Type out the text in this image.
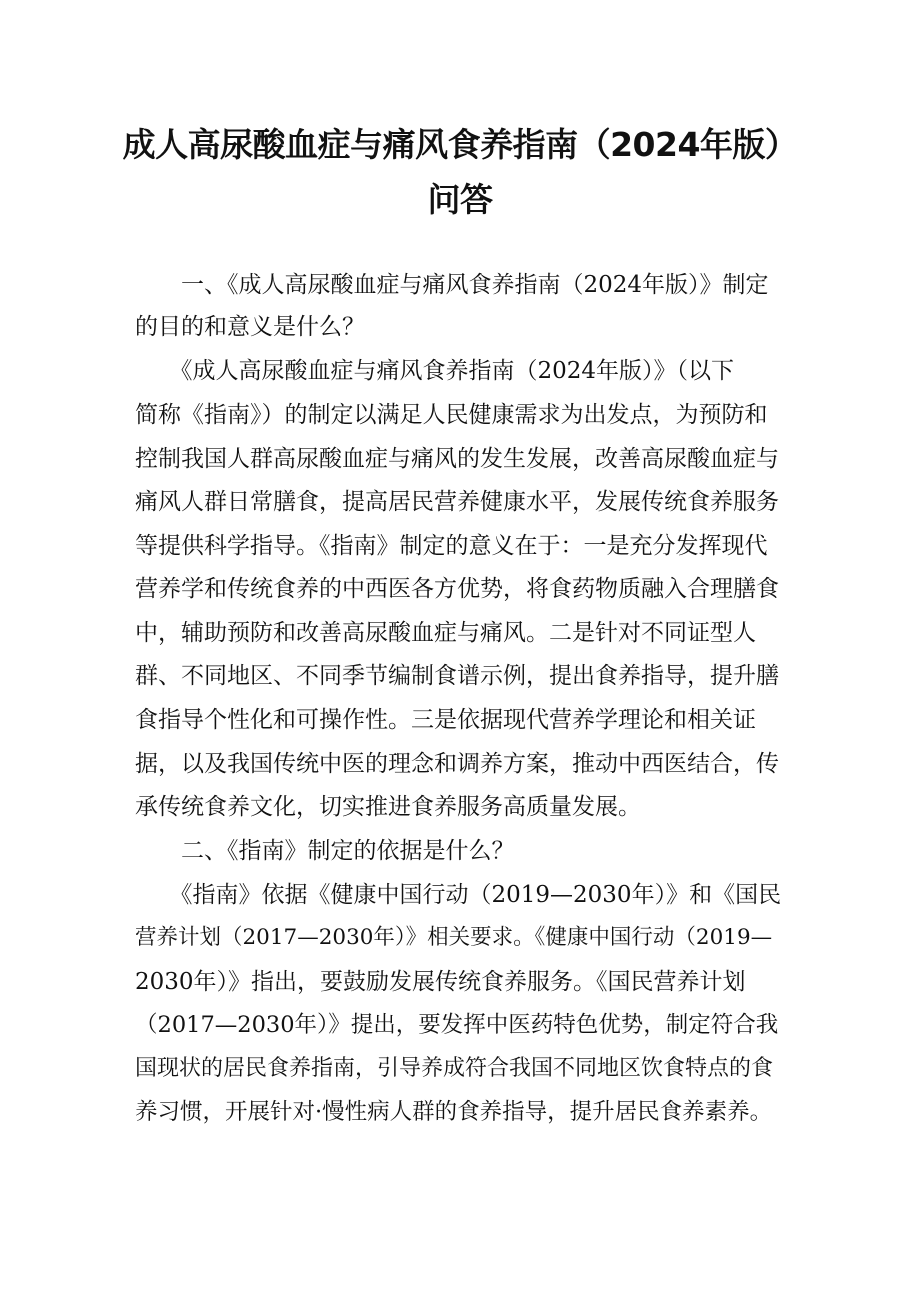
成人高尿酸血症与痛风食养指南（2024年版）
问答
　　一、《成人高尿酸血症与痛风食养指南（2024年版）》制定
的目的和意义是什么？
　　《成人高尿酸血症与痛风食养指南（2024年版）》（以下
简称《指南》）的制定以满足人民健康需求为出发点，为预防和
控制我国人群高尿酸血症与痛风的发生发展，改善高尿酸血症与
痛风人群日常膳食，提高居民营养健康水平，发展传统食养服务
等提供科学指导。《指南》制定的意义在于：一是充分发挥现代
营养学和传统食养的中西医各方优势，将食药物质融入合理膳食
中，辅助预防和改善高尿酸血症与痛风。二是针对不同证型人
群、不同地区、不同季节编制食谱示例，提出食养指导，提升膳
食指导个性化和可操作性。三是依据现代营养学理论和相关证
据，以及我国传统中医的理念和调养方案，推动中西医结合，传
承传统食养文化，切实推进食养服务高质量发展。
　　二、《指南》制定的依据是什么？
　　《指南》依据《健康中国行动（2019—2030年）》和《国民
营养计划（2017—2030年）》相关要求。《健康中国行动（2019—
2030年）》指出，要鼓励发展传统食养服务。《国民营养计划
（2017—2030年）》提出，要发挥中医药特色优势，制定符合我
国现状的居民食养指南，引导养成符合我国不同地区饮食特点的食
养习惯，开展针对·慢性病人群的食养指导，提升居民食养素养。
